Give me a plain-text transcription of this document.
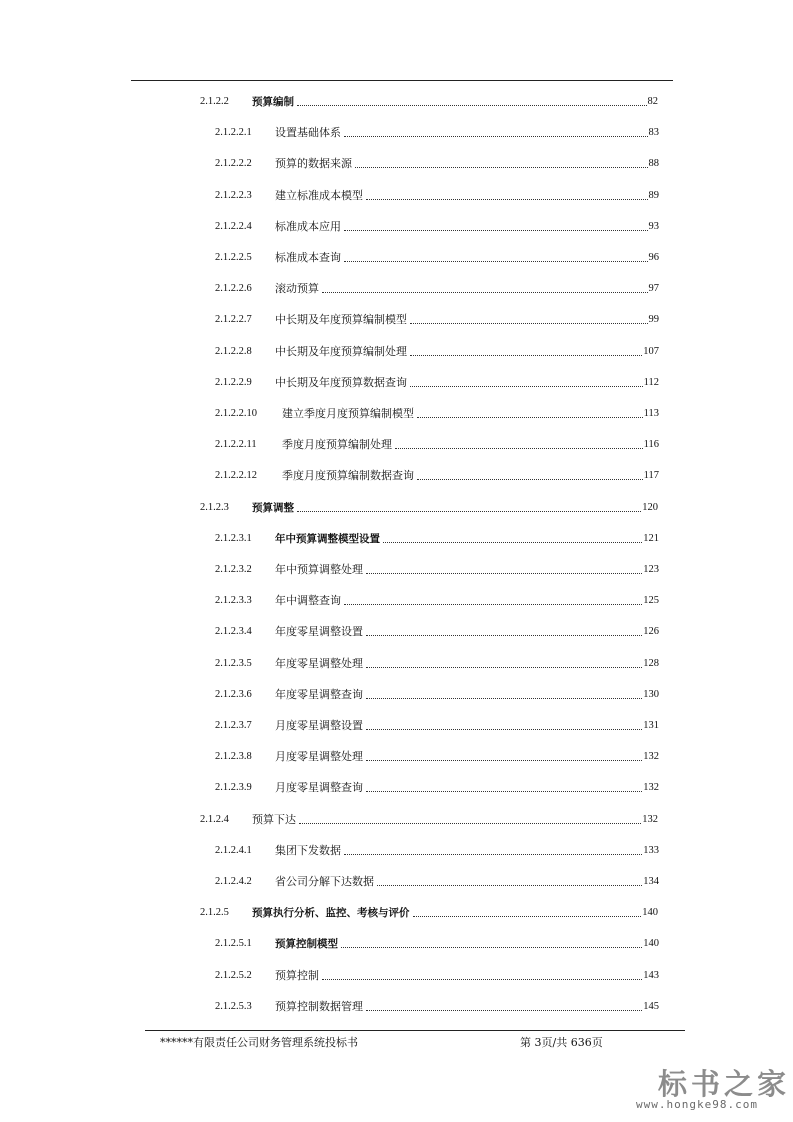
2.1.2.2	预算编制	82
2.1.2.2.1	设置基础体系	83
2.1.2.2.2	预算的数据来源	88
2.1.2.2.3	建立标准成本模型	89
2.1.2.2.4	标准成本应用	93
2.1.2.2.5	标准成本查询	96
2.1.2.2.6	滚动预算	97
2.1.2.2.7	中长期及年度预算编制模型	99
2.1.2.2.8	中长期及年度预算编制处理	107
2.1.2.2.9	中长期及年度预算数据查询	112
2.1.2.2.10	建立季度月度预算编制模型	113
2.1.2.2.11	季度月度预算编制处理	116
2.1.2.2.12	季度月度预算编制数据查询	117
2.1.2.3	预算调整	120
2.1.2.3.1	年中预算调整模型设置	121
2.1.2.3.2	年中预算调整处理	123
2.1.2.3.3	年中调整查询	125
2.1.2.3.4	年度零星调整设置	126
2.1.2.3.5	年度零星调整处理	128
2.1.2.3.6	年度零星调整查询	130
2.1.2.3.7	月度零星调整设置	131
2.1.2.3.8	月度零星调整处理	132
2.1.2.3.9	月度零星调整查询	132
2.1.2.4	预算下达	132
2.1.2.4.1	集团下发数据	133
2.1.2.4.2	省公司分解下达数据	134
2.1.2.5	预算执行分析、监控、考核与评价	140
2.1.2.5.1	预算控制模型	140
2.1.2.5.2	预算控制	143
2.1.2.5.3	预算控制数据管理	145
******有限责任公司财务管理系统投标书	第 3页/共 636页
标书之家
www.hongke98.com
